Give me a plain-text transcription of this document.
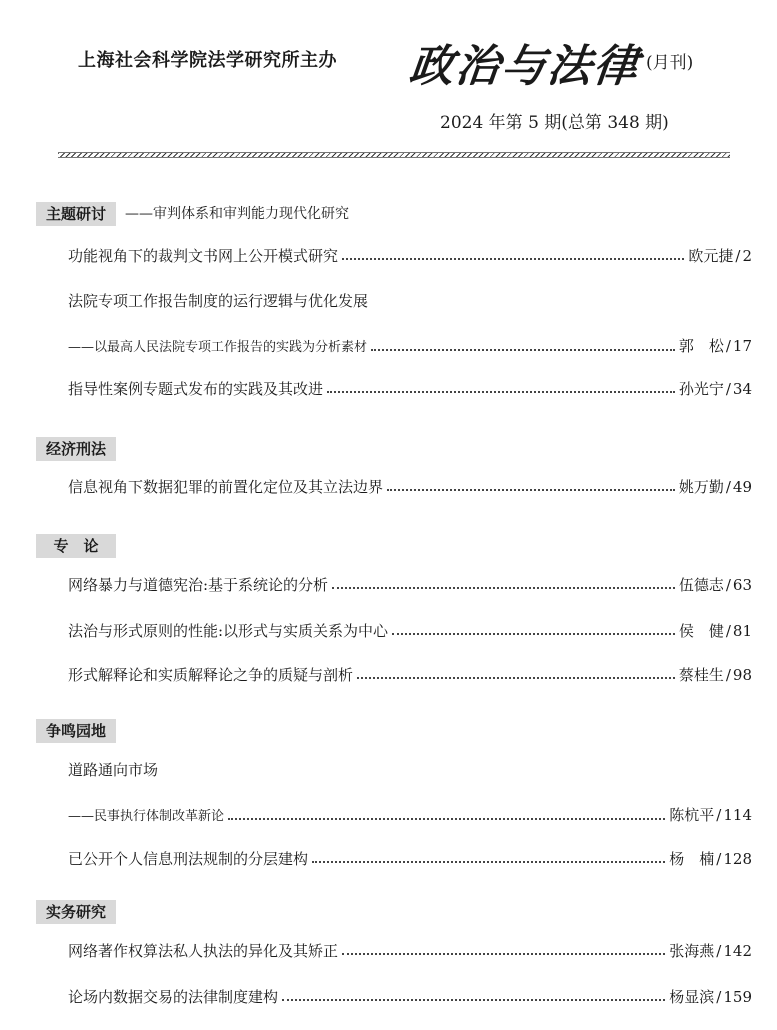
上海社会科学院法学研究所主办 政治与法律 (月刊)
2024 年第 5 期(总第 348 期)
主题研讨	——审判体系和审判能力现代化研究
功能视角下的裁判文书网上公开模式研究	欧元捷 / 2
法院专项工作报告制度的运行逻辑与优化发展
——以最高人民法院专项工作报告的实践为分析素材	郭　松 / 17
指导性案例专题式发布的实践及其改进	孙光宁 / 34
经济刑法
信息视角下数据犯罪的前置化定位及其立法边界	姚万勤 / 49
专　论
网络暴力与道德宪治:基于系统论的分析	伍德志 / 63
法治与形式原则的性能:以形式与实质关系为中心	侯　健 / 81
形式解释论和实质解释论之争的质疑与剖析	蔡桂生 / 98
争鸣园地
道路通向市场
——民事执行体制改革新论	陈杭平 / 114
已公开个人信息刑法规制的分层建构	杨　楠 / 128
实务研究
网络著作权算法私人执法的异化及其矫正	张海燕 / 142
论场内数据交易的法律制度建构	杨显滨 / 159
